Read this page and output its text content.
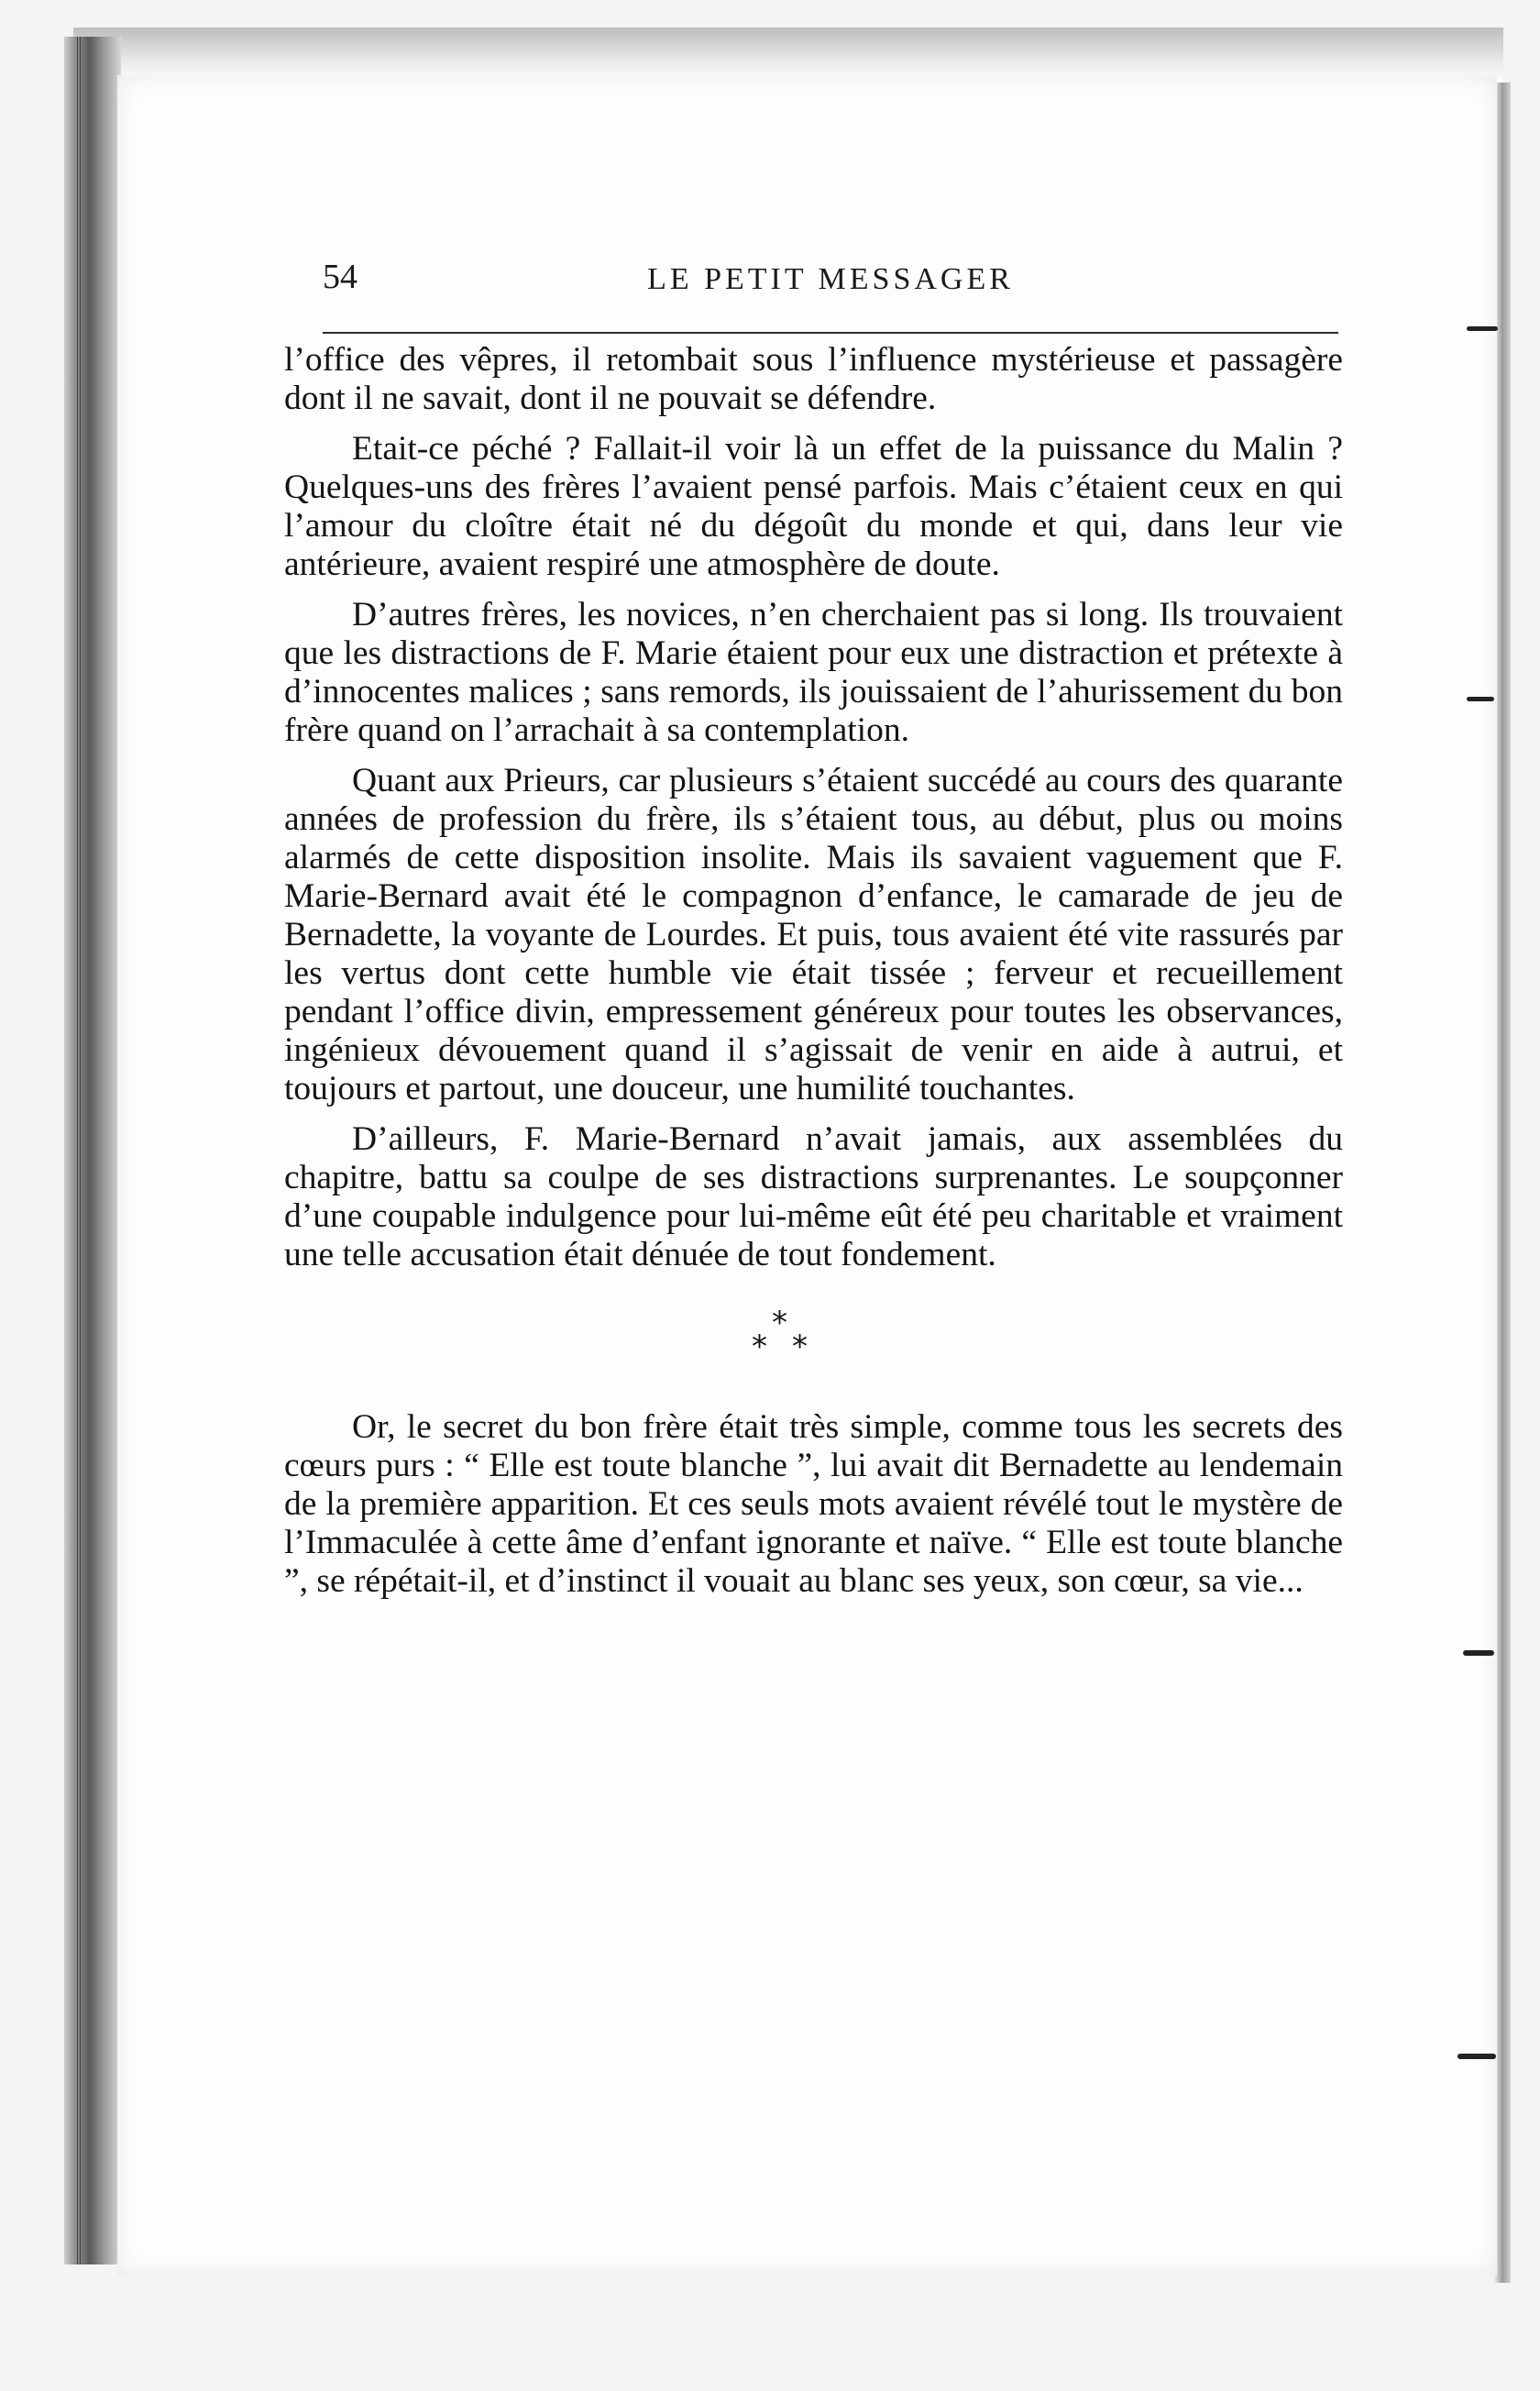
54	LE PETIT MESSAGER

l’office des vêpres, il retombait sous l’influence mystérieuse et passagère dont il ne savait, dont il ne pouvait se défendre.

Etait-ce péché ? Fallait-il voir là un effet de la puissance du Malin ? Quelques-uns des frères l’avaient pensé parfois. Mais c’étaient ceux en qui l’amour du cloître était né du dégoût du monde et qui, dans leur vie antérieure, avaient respiré une atmosphère de doute.

D’autres frères, les novices, n’en cherchaient pas si long. Ils trouvaient que les distractions de F. Marie étaient pour eux une distraction et prétexte à d’innocentes malices ; sans remords, ils jouissaient de l’ahurissement du bon frère quand on l’arrachait à sa contemplation.

Quant aux Prieurs, car plusieurs s’étaient succédé au cours des quarante années de profession du frère, ils s’étaient tous, au début, plus ou moins alarmés de cette disposition insolite. Mais ils savaient vaguement que F. Marie-Bernard avait été le compagnon d’enfance, le camarade de jeu de Bernadette, la voyante de Lourdes. Et puis, tous avaient été vite rassurés par les vertus dont cette humble vie était tissée ; ferveur et recueillement pendant l’office divin, empressement généreux pour toutes les observances, ingénieux dévouement quand il s’agissait de venir en aide à autrui, et toujours et partout, une douceur, une humilité touchantes.

D’ailleurs, F. Marie-Bernard n’avait jamais, aux assemblées du chapitre, battu sa coulpe de ses distractions surprenantes. Le soupçonner d’une coupable indulgence pour lui-même eût été peu charitable et vraiment une telle accusation était dénuée de tout fondement.

*
* *

Or, le secret du bon frère était très simple, comme tous les secrets des cœurs purs : “ Elle est toute blanche ”, lui avait dit Bernadette au lendemain de la première apparition. Et ces seuls mots avaient révélé tout le mystère de l’Immaculée à cette âme d’enfant ignorante et naïve. “ Elle est toute blanche ”, se répétait-il, et d’instinct il vouait au blanc ses yeux, son cœur, sa vie...
